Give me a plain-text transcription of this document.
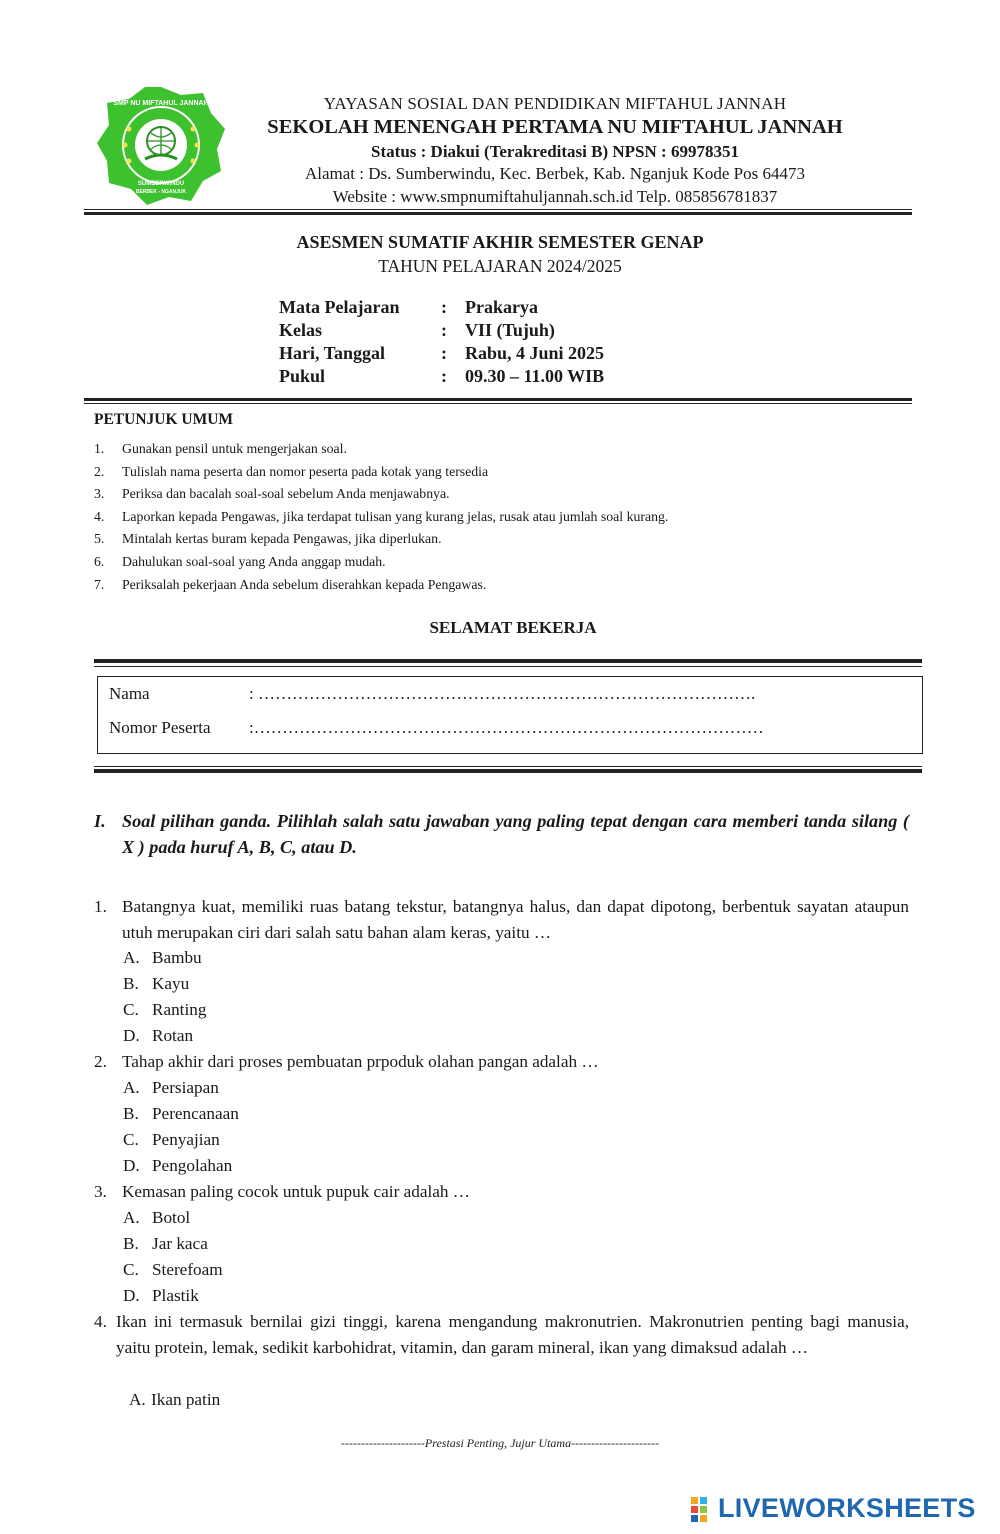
SMP NU MIFTAHUL JANNAH
SUMBERWINDU
BERBEK - NGANJUK
YAYASAN SOSIAL DAN PENDIDIKAN MIFTAHUL JANNAH
SEKOLAH MENENGAH PERTAMA NU MIFTAHUL JANNAH
Status : Diakui (Terakreditasi B) NPSN : 69978351
Alamat : Ds. Sumberwindu, Kec. Berbek, Kab. Nganjuk Kode Pos 64473
Website : www.smpnumiftahuljannah.sch.id Telp. 085856781837
ASESMEN SUMATIF AKHIR SEMESTER GENAP
TAHUN PELAJARAN 2024/2025
Mata Pelajaran : Prakarya
Kelas	: VII (Tujuh)
Hari, Tanggal	: Rabu, 4 Juni 2025
Pukul	: 09.30 – 11.00 WIB
PETUNJUK UMUM
1. Gunakan pensil untuk mengerjakan soal.
2. Tulislah nama peserta dan nomor peserta pada kotak yang tersedia
3. Periksa dan bacalah soal-soal sebelum Anda menjawabnya.
4. Laporkan kepada Pengawas, jika terdapat tulisan yang kurang jelas, rusak atau jumlah soal kurang.
5. Mintalah kertas buram kepada Pengawas, jika diperlukan.
6. Dahulukan soal-soal yang Anda anggap mudah.
7. Periksalah pekerjaan Anda sebelum diserahkan kepada Pengawas.
SELAMAT BEKERJA
Nama	: …………………………………………………………………………….
Nomor Peserta :………………………………………………………………………………
I. Soal pilihan ganda. Pilihlah salah satu jawaban yang paling tepat dengan cara memberi tanda silang ( X ) pada huruf A, B, C, atau D.
1. Batangnya kuat, memiliki ruas batang tekstur, batangnya halus, dan dapat dipotong, berbentuk sayatan ataupun utuh merupakan ciri dari salah satu bahan alam keras, yaitu …
A. Bambu
B. Kayu
C. Ranting
D. Rotan
2. Tahap akhir dari proses pembuatan prpoduk olahan pangan adalah …
A. Persiapan
B. Perencanaan
C. Penyajian
D. Pengolahan
3. Kemasan paling cocok untuk pupuk cair adalah …
A. Botol
B. Jar kaca
C. Sterefoam
D. Plastik
4. Ikan ini termasuk bernilai gizi tinggi, karena mengandung makronutrien. Makronutrien penting bagi manusia, yaitu protein, lemak, sedikit karbohidrat, vitamin, dan garam mineral, ikan yang dimaksud adalah …
A. Ikan patin
---------------------Prestasi Penting, Jujur Utama----------------------
LIVEWORKSHEETS
